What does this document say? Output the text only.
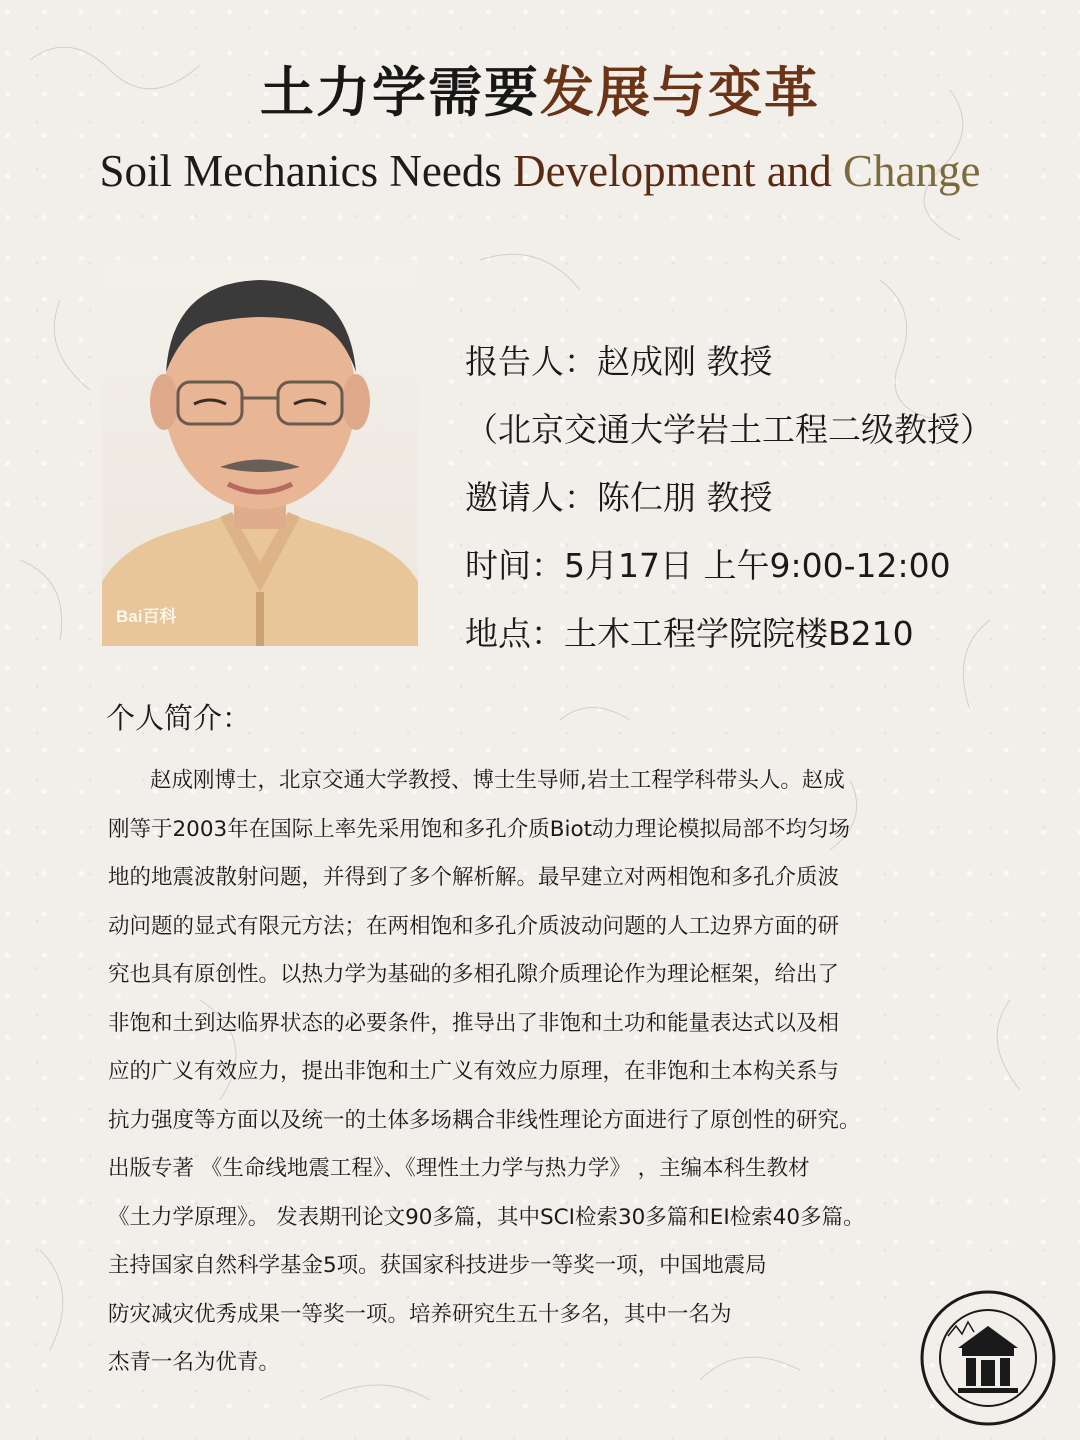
土力学需要发展与变革
Soil Mechanics Needs Development and Change
Bai百科
报告人：赵成刚 教授
（北京交通大学岩土工程二级教授）
邀请人：陈仁朋 教授
时间：5月17日 上午9:00-12:00
地点：土木工程学院院楼B210
个人简介：
赵成刚博士，北京交通大学教授、博士生导师,岩土工程学科带头人。赵成
刚等于2003年在国际上率先采用饱和多孔介质Biot动力理论模拟局部不均匀场
地的地震波散射问题，并得到了多个解析解。最早建立对两相饱和多孔介质波
动问题的显式有限元方法；在两相饱和多孔介质波动问题的人工边界方面的研
究也具有原创性。以热力学为基础的多相孔隙介质理论作为理论框架，给出了
非饱和土到达临界状态的必要条件，推导出了非饱和土功和能量表达式以及相
应的广义有效应力，提出非饱和土广义有效应力原理，在非饱和土本构关系与
抗力强度等方面以及统一的土体多场耦合非线性理论方面进行了原创性的研究。
出版专著 《生命线地震工程》、《理性土力学与热力学》 ，主编本科生教材
《土力学原理》。 发表期刊论文90多篇，其中SCI检索30多篇和EI检索40多篇。
主持国家自然科学基金5项。获国家科技进步一等奖一项，中国地震局
防灾减灾优秀成果一等奖一项。培养研究生五十多名，其中一名为
杰青一名为优青。
